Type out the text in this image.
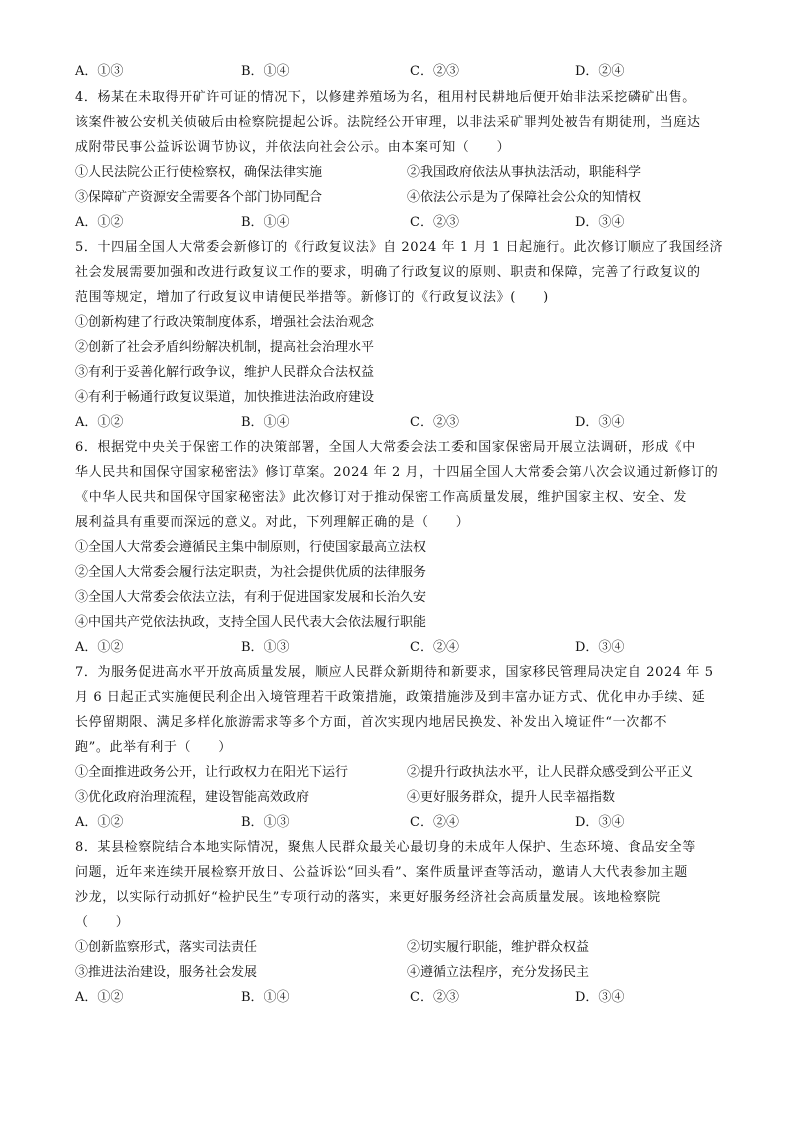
A．①③	B．①④	C．②③	D．②④
4．杨某在未取得开矿许可证的情况下，以修建养殖场为名，租用村民耕地后便开始非法采挖磷矿出售。
该案件被公安机关侦破后由检察院提起公诉。法院经公开审理，以非法采矿罪判处被告有期徒刑，当庭达
成附带民事公益诉讼调节协议，并依法向社会公示。由本案可知（　　）
①人民法院公正行使检察权，确保法律实施	②我国政府依法从事执法活动，职能科学
③保障矿产资源安全需要各个部门协同配合	④依法公示是为了保障社会公众的知情权
A．①②	B．①④	C．②③	D．③④
5．十四届全国人大常委会新修订的《行政复议法》自 2024 年 1 月 1 日起施行。此次修订顺应了我国经济
社会发展需要加强和改进行政复议工作的要求，明确了行政复议的原则、职责和保障，完善了行政复议的
范围等规定，增加了行政复议申请便民举措等。新修订的《行政复议法》(　　)
①创新构建了行政决策制度体系，增强社会法治观念
②创新了社会矛盾纠纷解决机制，提高社会治理水平
③有利于妥善化解行政争议，维护人民群众合法权益
④有利于畅通行政复议渠道，加快推进法治政府建设
A．①②	B．①④	C．②③	D．③④
6．根据党中央关于保密工作的决策部署，全国人大常委会法工委和国家保密局开展立法调研，形成《中
华人民共和国保守国家秘密法》修订草案。2024 年 2 月，十四届全国人大常委会第八次会议通过新修订的
《中华人民共和国保守国家秘密法》此次修订对于推动保密工作高质量发展，维护国家主权、安全、发
展利益具有重要而深远的意义。对此，下列理解正确的是（　　）
①全国人大常委会遵循民主集中制原则，行使国家最高立法权
②全国人大常委会履行法定职责，为社会提供优质的法律服务
③全国人大常委会依法立法，有利于促进国家发展和长治久安
④中国共产党依法执政，支持全国人民代表大会依法履行职能
A．①②	B．①③	C．②④	D．③④
7．为服务促进高水平开放高质量发展，顺应人民群众新期待和新要求，国家移民管理局决定自 2024 年 5
月 6 日起正式实施便民利企出入境管理若干政策措施，政策措施涉及到丰富办证方式、优化申办手续、延
长停留期限、满足多样化旅游需求等多个方面，首次实现内地居民换发、补发出入境证件“一次都不
跑”。此举有利于（　　）
①全面推进政务公开，让行政权力在阳光下运行	②提升行政执法水平，让人民群众感受到公平正义
③优化政府治理流程，建设智能高效政府	④更好服务群众，提升人民幸福指数
A．①②	B．①③	C．②④	D．③④
8．某县检察院结合本地实际情况，聚焦人民群众最关心最切身的未成年人保护、生态环境、食品安全等
问题，近年来连续开展检察开放日、公益诉讼“回头看”、案件质量评查等活动，邀请人大代表参加主题
沙龙，以实际行动抓好“检护民生”专项行动的落实，来更好服务经济社会高质量发展。该地检察院
（　　）
①创新监察形式，落实司法责任	②切实履行职能，维护群众权益
③推进法治建设，服务社会发展	④遵循立法程序，充分发扬民主
A．①②	B．①④	C．②③	D．③④
